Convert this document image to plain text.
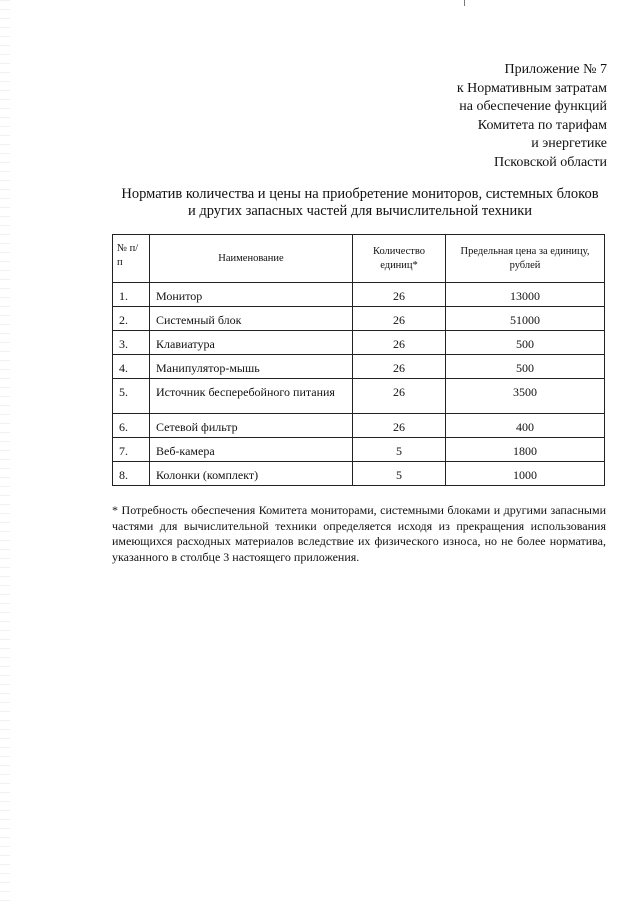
Приложение № 7
к Нормативным затратам
на обеспечение функций
Комитета по тарифам
и энергетике
Псковской области
Норматив количества и цены на приобретение мониторов, системных блоков
и других запасных частей для вычислительной техники
№ п/п	Наименование	Количество единиц*	Предельная цена за единицу, рублей
1.	Монитор	26	13000
2.	Системный блок	26	51000
3.	Клавиатура	26	500
4.	Манипулятор-мышь	26	500
5.	Источник бесперебойного питания	26	3500
6.	Сетевой фильтр	26	400
7.	Веб-камера	5	1800
8.	Колонки (комплект)	5	1000
* Потребность обеспечения Комитета мониторами, системными блоками и другими запасными частями для вычислительной техники определяется исходя из прекращения использования имеющихся расходных материалов вследствие их физического износа, но не более норматива, указанного в столбце 3 настоящего приложения.
